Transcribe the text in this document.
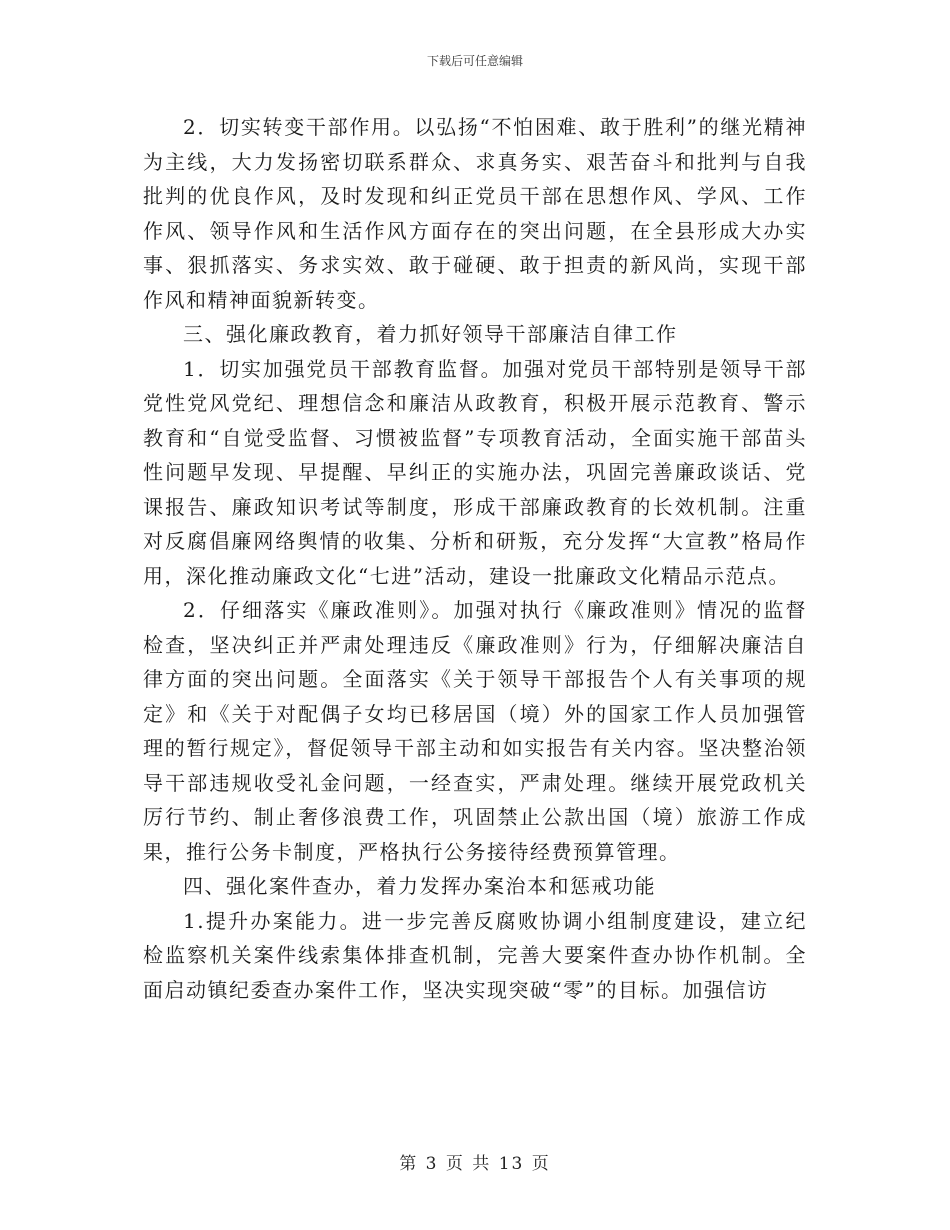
下载后可任意编辑

2．切实转变干部作用。以弘扬“不怕困难、敢于胜利”的继光精神为主线，大力发扬密切联系群众、求真务实、艰苦奋斗和批判与自我批判的优良作风，及时发现和纠正党员干部在思想作风、学风、工作作风、领导作风和生活作风方面存在的突出问题，在全县形成大办实事、狠抓落实、务求实效、敢于碰硬、敢于担责的新风尚，实现干部作风和精神面貌新转变。

三、强化廉政教育，着力抓好领导干部廉洁自律工作

1．切实加强党员干部教育监督。加强对党员干部特别是领导干部党性党风党纪、理想信念和廉洁从政教育，积极开展示范教育、警示教育和“自觉受监督、习惯被监督”专项教育活动，全面实施干部苗头性问题早发现、早提醒、早纠正的实施办法，巩固完善廉政谈话、党课报告、廉政知识考试等制度，形成干部廉政教育的长效机制。注重对反腐倡廉网络舆情的收集、分析和研叛，充分发挥“大宣教”格局作用，深化推动廉政文化“七进”活动，建设一批廉政文化精品示范点。

2．仔细落实《廉政准则》。加强对执行《廉政准则》情况的监督检查，坚决纠正并严肃处理违反《廉政准则》行为，仔细解决廉洁自律方面的突出问题。全面落实《关于领导干部报告个人有关事项的规定》和《关于对配偶子女均已移居国（境）外的国家工作人员加强管理的暂行规定》，督促领导干部主动和如实报告有关内容。坚决整治领导干部违规收受礼金问题，一经查实，严肃处理。继续开展党政机关厉行节约、制止奢侈浪费工作，巩固禁止公款出国（境）旅游工作成果，推行公务卡制度，严格执行公务接待经费预算管理。

四、强化案件查办，着力发挥办案治本和惩戒功能

1.提升办案能力。进一步完善反腐败协调小组制度建设，建立纪检监察机关案件线索集体排查机制，完善大要案件查办协作机制。全面启动镇纪委查办案件工作，坚决实现突破“零”的目标。加强信访

第 3 页 共 13 页
